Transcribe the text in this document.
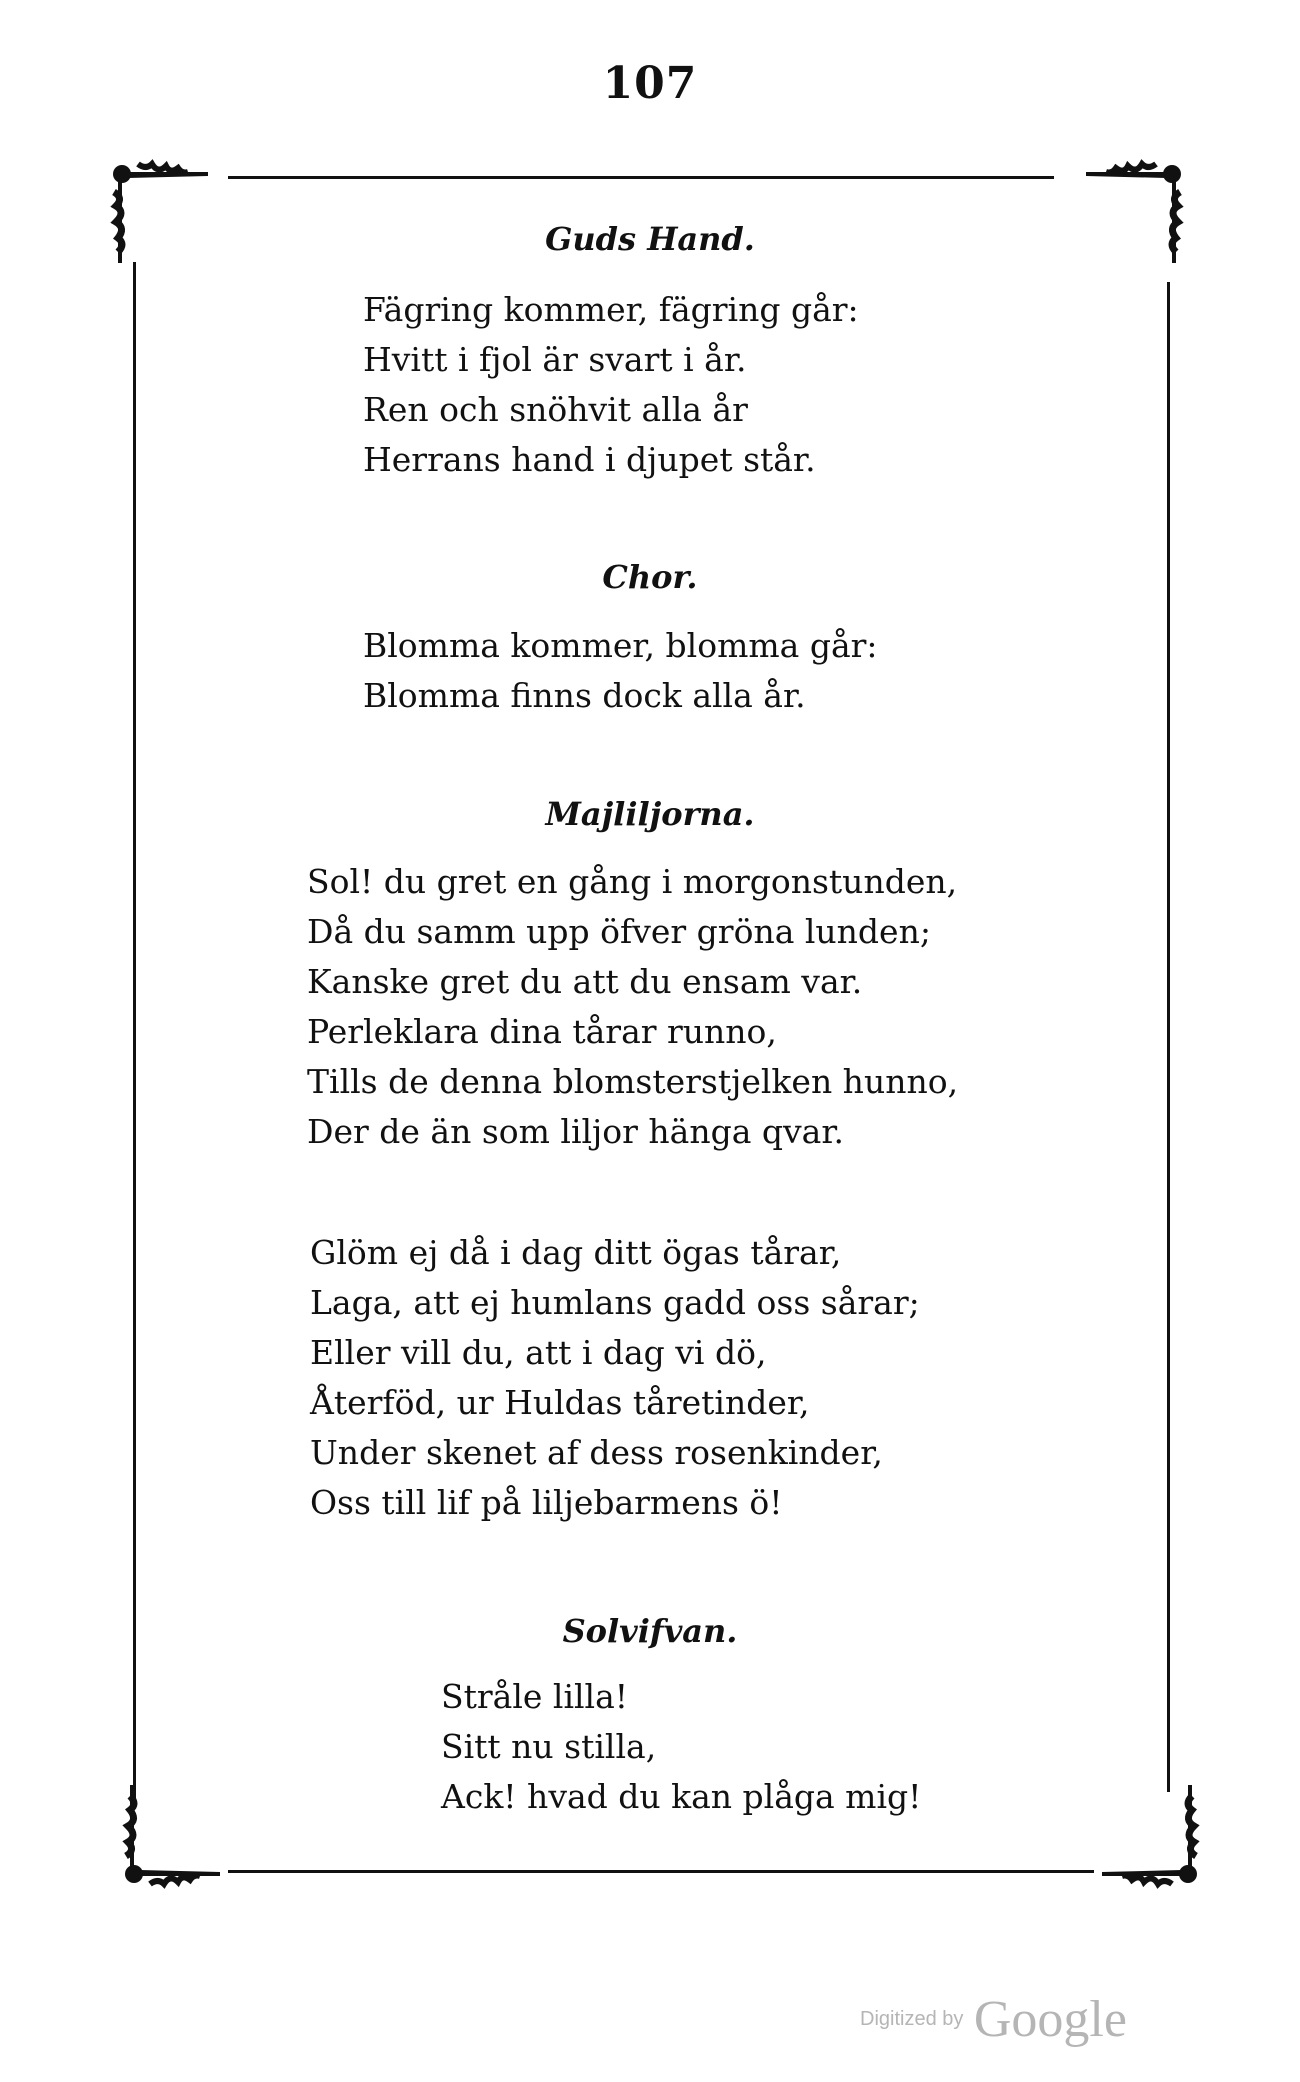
107
Guds Hand.
Fägring kommer, fägring går:
Hvitt i fjol är svart i år.
Ren och snöhvit alla år
Herrans hand i djupet står.
Chor.
Blomma kommer, blomma går:
Blomma finns dock alla år.
Majliljorna.
Sol! du gret en gång i morgonstunden,
Då du samm upp öfver gröna lunden;
Kanske gret du att du ensam var.
Perleklara dina tårar runno,
Tills de denna blomsterstjelken hunno,
Der de än som liljor hänga qvar.
Glöm ej då i dag ditt ögas tårar,
Laga, att ej humlans gadd oss sårar;
Eller vill du, att i dag vi dö,
Återföd, ur Huldas tåretinder,
Under skenet af dess rosenkinder,
Oss till lif på liljebarmens ö!
Solvifvan.
Stråle lilla!
Sitt nu stilla,
Ack! hvad du kan plåga mig!
Digitized by Google
